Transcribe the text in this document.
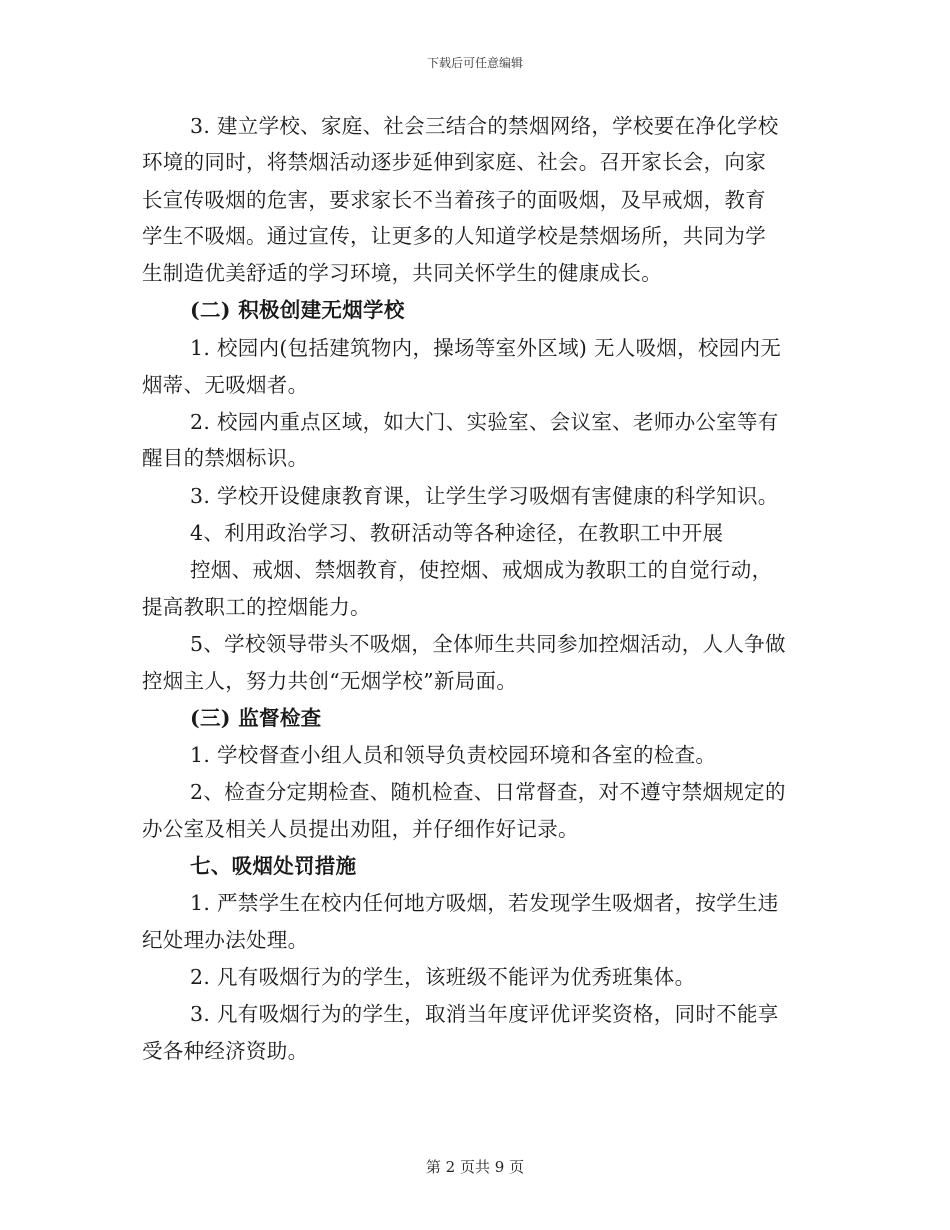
下载后可任意编辑
3. 建立学校、家庭、社会三结合的禁烟网络，学校要在净化学校
环境的同时，将禁烟活动逐步延伸到家庭、社会。召开家长会，向家
长宣传吸烟的危害，要求家长不当着孩子的面吸烟，及早戒烟，教育
学生不吸烟。通过宣传，让更多的人知道学校是禁烟场所，共同为学
生制造优美舒适的学习环境，共同关怀学生的健康成长。
(二) 积极创建无烟学校
1. 校园内(包括建筑物内，操场等室外区域) 无人吸烟，校园内无
烟蒂、无吸烟者。
2. 校园内重点区域，如大门、实验室、会议室、老师办公室等有
醒目的禁烟标识。
3. 学校开设健康教育课，让学生学习吸烟有害健康的科学知识。
4、利用政治学习、教研活动等各种途径，在教职工中开展
控烟、戒烟、禁烟教育，使控烟、戒烟成为教职工的自觉行动，
提高教职工的控烟能力。
5、学校领导带头不吸烟，全体师生共同参加控烟活动，人人争做
控烟主人，努力共创“无烟学校”新局面。
(三) 监督检查
1. 学校督查小组人员和领导负责校园环境和各室的检查。
2、检查分定期检查、随机检查、日常督查，对不遵守禁烟规定的
办公室及相关人员提出劝阻，并仔细作好记录。
七、吸烟处罚措施
1. 严禁学生在校内任何地方吸烟，若发现学生吸烟者，按学生违
纪处理办法处理。
2. 凡有吸烟行为的学生，该班级不能评为优秀班集体。
3. 凡有吸烟行为的学生，取消当年度评优评奖资格，同时不能享
受各种经济资助。
第 2 页共 9 页
